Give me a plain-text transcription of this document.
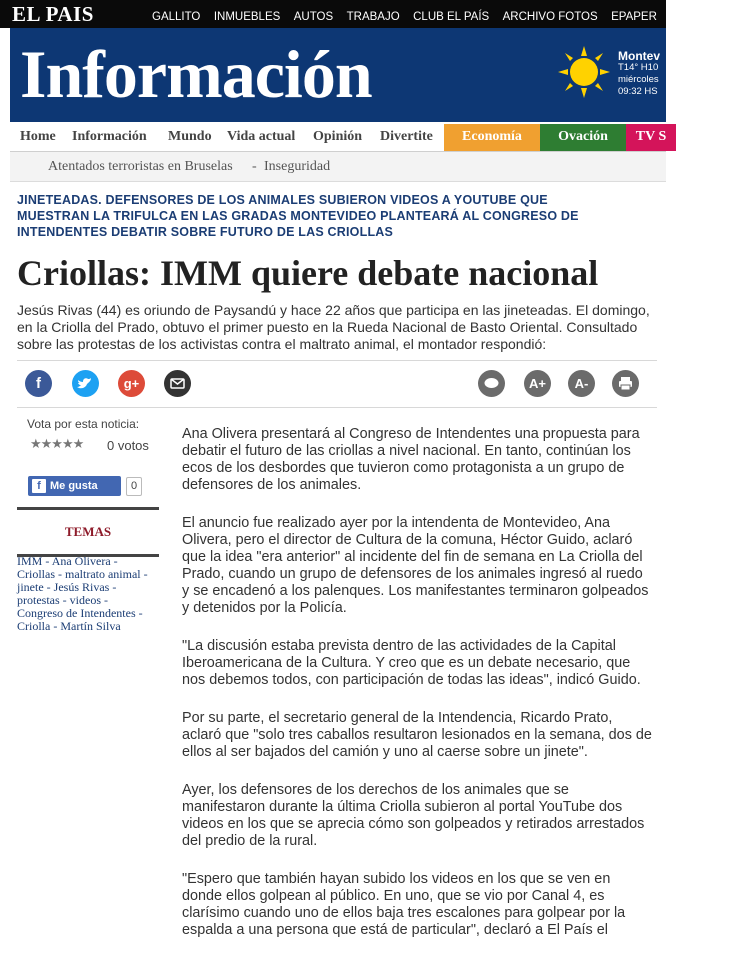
EL PAIS	GALLITO INMUEBLES AUTOS TRABAJO CLUB EL PAÍS ARCHIVO FOTOS EPAPER RURALES
Información	Montev
T14° H10
miércoles
09:32 HS
Home Información Mundo Vida actual Opinión Divertite	Economía	Ovación	TV S
Atentados terroristas en Bruselas - Inseguridad
JINETEADAS. DEFENSORES DE LOS ANIMALES SUBIERON VIDEOS A YOUTUBE QUE MUESTRAN LA TRIFULCA EN LAS GRADAS MONTEVIDEO PLANTEARÁ AL CONGRESO DE INTENDENTES DEBATIR SOBRE FUTURO DE LAS CRIOLLAS
Criollas: IMM quiere debate nacional
Jesús Rivas (44) es oriundo de Paysandú y hace 22 años que participa en las jineteadas. El domingo, en la Criolla del Prado, obtuvo el primer puesto en la Rueda Nacional de Basto Oriental. Consultado sobre las protestas de los activistas contra el maltrato animal, el montador respondió:
f	g+	A+	A-
Vota por esta noticia:
★★★★★ 0 votos
f Me gusta	0
TEMAS
IMM - Ana Olivera -
Criollas - maltrato animal -
jinete - Jesús Rivas -
protestas - videos -
Congreso de Intendentes -
Criolla - Martín Silva

Ana Olivera presentará al Congreso de Intendentes una propuesta para debatir el futuro de las criollas a nivel nacional. En tanto, continúan los ecos de los desbordes que tuvieron como protagonista a un grupo de defensores de los animales.

El anuncio fue realizado ayer por la intendenta de Montevideo, Ana Olivera, pero el director de Cultura de la comuna, Héctor Guido, aclaró que la idea "era anterior" al incidente del fin de semana en La Criolla del Prado, cuando un grupo de defensores de los animales ingresó al ruedo y se encadenó a los palenques. Los manifestantes terminaron golpeados y detenidos por la Policía.

"La discusión estaba prevista dentro de las actividades de la Capital Iberoamericana de la Cultura. Y creo que es un debate necesario, que nos debemos todos, con participación de todas las ideas", indicó Guido.

Por su parte, el secretario general de la Intendencia, Ricardo Prato, aclaró que "solo tres caballos resultaron lesionados en la semana, dos de ellos al ser bajados del camión y uno al caerse sobre un jinete".

Ayer, los defensores de los derechos de los animales que se manifestaron durante la última Criolla subieron al portal YouTube dos videos en los que se aprecia cómo son golpeados y retirados arrestados del predio de la rural.

"Espero que también hayan subido los videos en los que se ven en donde ellos golpean al público. En uno, que se vio por Canal 4, es clarísimo cuando uno de ellos baja tres escalones para golpear por la espalda a una persona que está de particular", declaró a El País el
